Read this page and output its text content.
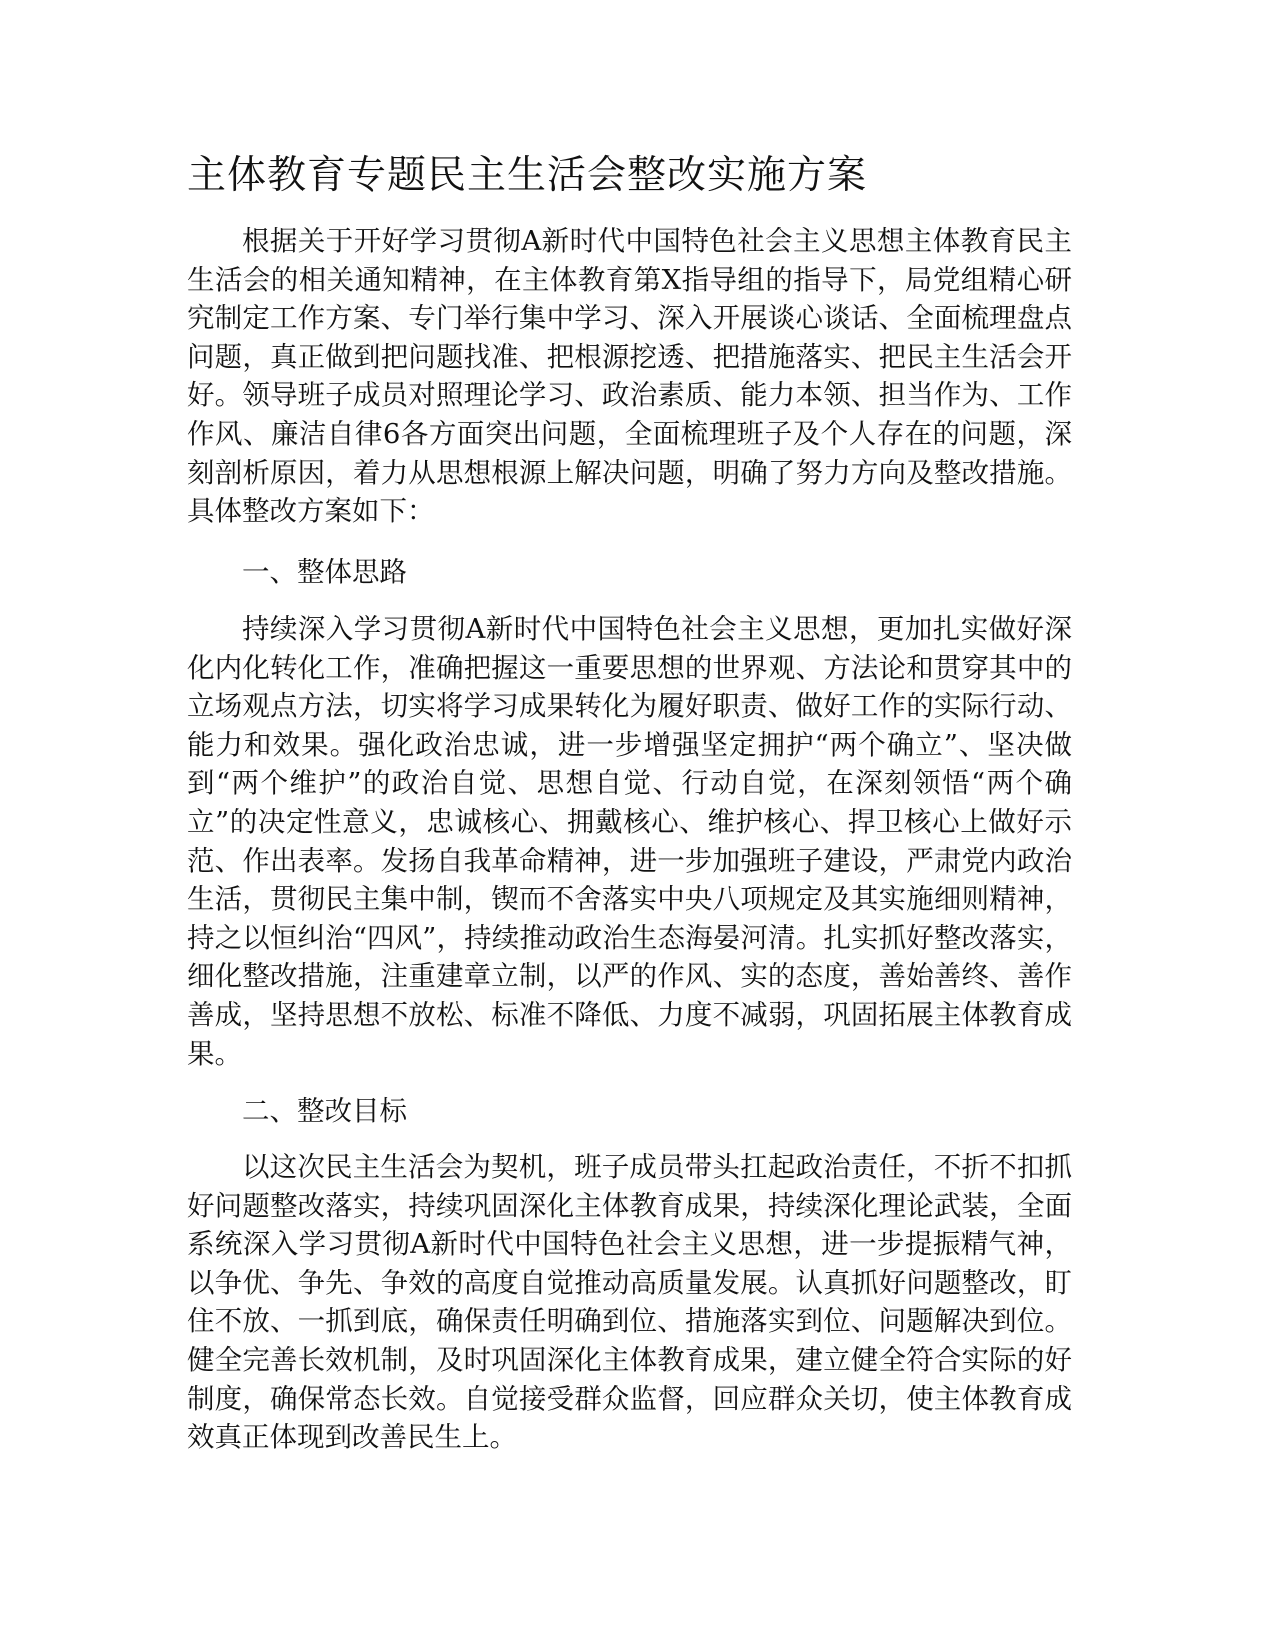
主体教育专题民主生活会整改实施方案

根据关于开好学习贯彻A新时代中国特色社会主义思想主体教育民主生活会的相关通知精神，在主体教育第X指导组的指导下，局党组精心研究制定工作方案、专门举行集中学习、深入开展谈心谈话、全面梳理盘点问题，真正做到把问题找准、把根源挖透、把措施落实、把民主生活会开好。领导班子成员对照理论学习、政治素质、能力本领、担当作为、工作作风、廉洁自律6各方面突出问题，全面梳理班子及个人存在的问题，深刻剖析原因，着力从思想根源上解决问题，明确了努力方向及整改措施。具体整改方案如下：

一、整体思路

持续深入学习贯彻A新时代中国特色社会主义思想，更加扎实做好深化内化转化工作，准确把握这一重要思想的世界观、方法论和贯穿其中的立场观点方法，切实将学习成果转化为履好职责、做好工作的实际行动、能力和效果。强化政治忠诚，进一步增强坚定拥护“两个确立”、坚决做到“两个维护”的政治自觉、思想自觉、行动自觉，在深刻领悟“两个确立”的决定性意义，忠诚核心、拥戴核心、维护核心、捍卫核心上做好示范、作出表率。发扬自我革命精神，进一步加强班子建设，严肃党内政治生活，贯彻民主集中制，锲而不舍落实中央八项规定及其实施细则精神，持之以恒纠治“四风”，持续推动政治生态海晏河清。扎实抓好整改落实，细化整改措施，注重建章立制，以严的作风、实的态度，善始善终、善作善成，坚持思想不放松、标准不降低、力度不减弱，巩固拓展主体教育成果。

二、整改目标

以这次民主生活会为契机，班子成员带头扛起政治责任，不折不扣抓好问题整改落实，持续巩固深化主体教育成果，持续深化理论武装，全面系统深入学习贯彻A新时代中国特色社会主义思想，进一步提振精气神，以争优、争先、争效的高度自觉推动高质量发展。认真抓好问题整改，盯住不放、一抓到底，确保责任明确到位、措施落实到位、问题解决到位。健全完善长效机制，及时巩固深化主体教育成果，建立健全符合实际的好制度，确保常态长效。自觉接受群众监督，回应群众关切，使主体教育成效真正体现到改善民生上。
